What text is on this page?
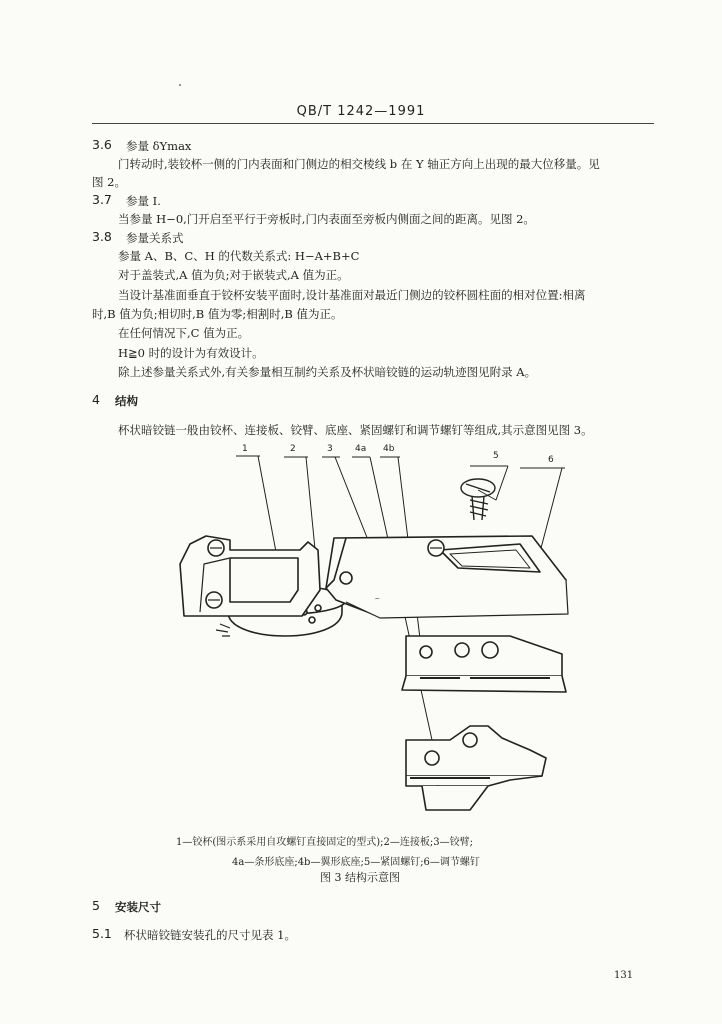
QB/T 1242—1991
3.6 参量 δYmax
门转动时,装铰杯一侧的门内表面和门侧边的相交棱线 b 在 Y 轴正方向上出现的最大位移量。见
图 2。
3.7 参量 I.
当参量 H−0,门开启至平行于旁板时,门内表面至旁板内侧面之间的距离。见图 2。
3.8 参量关系式
参量 A、B、C、H 的代数关系式: H−A+B+C
对于盖装式,A 值为负;对于嵌装式,A 值为正。
当设计基准面垂直于铰杯安装平面时,设计基准面对最近门侧边的铰杯圆柱面的相对位置:相离
时,B 值为负;相切时,B 值为零;相割时,B 值为正。
在任何情况下,C 值为正。
H≧0 时的设计为有效设计。
除上述参量关系式外,有关参量相互制约关系及杯状暗铰链的运动轨迹图见附录 A。
4 结构
杯状暗铰链一般由铰杯、连接板、铰臂、底座、紧固螺钉和调节螺钉等组成,其示意图见图 3。
1	2	3 4a 4b
5	6
1—铰杯(图示系采用自攻螺钉直接固定的型式);2—连接板;3—铰臂;
4a—条形底座;4b—翼形底座;5—紧固螺钉;6—调节螺钉
图 3 结构示意图
5 安装尺寸
5.1 杯状暗铰链安装孔的尺寸见表 1。
131
